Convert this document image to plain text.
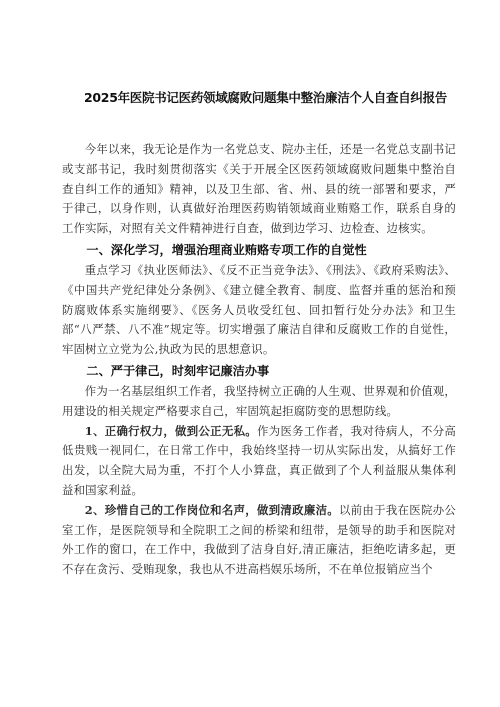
2025年医院书记医药领域腐败问题集中整治廉洁个人自查自纠报告

今年以来，我无论是作为一名党总支、院办主任，还是一名党总支副书记或支部书记，我时刻贯彻落实《关于开展全区医药领域腐败问题集中整治自查自纠工作的通知》精神，以及卫生部、省、州、县的统一部署和要求，严于律己，以身作则，认真做好治理医药购销领域商业贿赂工作，联系自身的工作实际，对照有关文件精神进行自查，做到边学习、边检查、边核实。

一、深化学习，增强治理商业贿赂专项工作的自觉性

重点学习《执业医师法》、《反不正当竞争法》、《刑法》、《政府采购法》、《中国共产党纪律处分条例》、《建立健全教育、制度、监督并重的惩治和预防腐败体系实施纲要》、《医务人员收受红包、回扣暂行处分办法》和卫生部“八严禁、八不准”规定等。切实增强了廉洁自律和反腐败工作的自觉性，牢固树立立党为公,执政为民的思想意识。

二、严于律己，时刻牢记廉洁办事

作为一名基层组织工作者，我坚持树立正确的人生观、世界观和价值观，用建设的相关规定严格要求自己，牢固筑起拒腐防变的思想防线。

1、正确行权力，做到公正无私。作为医务工作者，我对待病人，不分高低贵贱一视同仁，在日常工作中，我始终坚持一切从实际出发，从搞好工作出发，以全院大局为重，不打个人小算盘，真正做到了个人利益服从集体利益和国家利益。

2、珍惜自己的工作岗位和名声，做到清政廉洁。以前由于我在医院办公室工作，是医院领导和全院职工之间的桥梁和纽带，是领导的助手和医院对外工作的窗口，在工作中，我做到了洁身自好,清正廉洁，拒绝吃请多起，更不存在贪污、受贿现象，我也从不进高档娱乐场所，不在单位报销应当个
